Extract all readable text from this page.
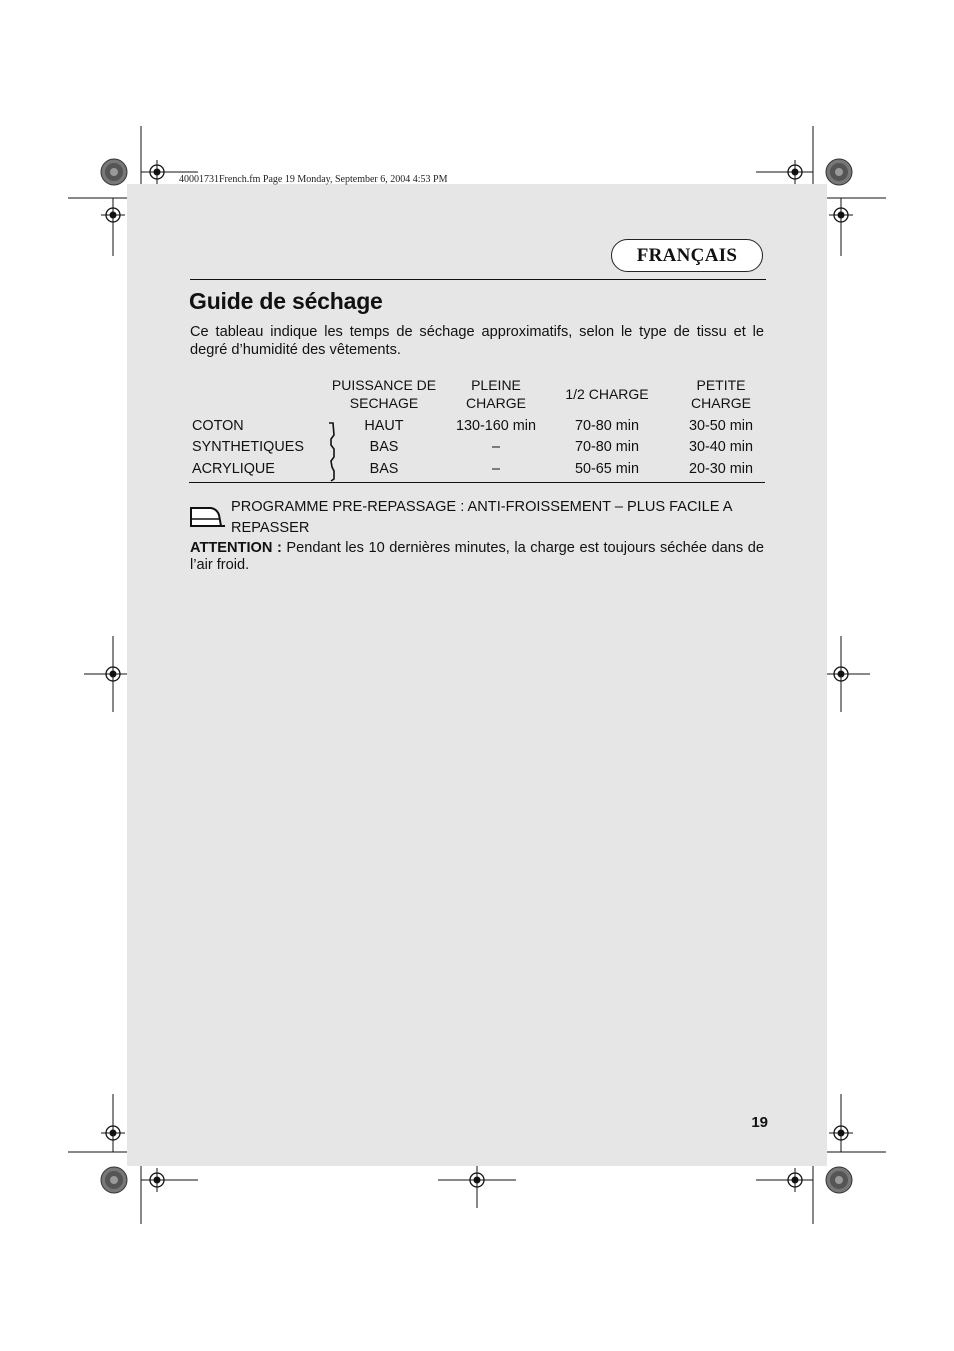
40001731French.fm Page 19 Monday, September 6, 2004 4:53 PM
FRANÇAIS
Guide de séchage

Ce tableau indique les temps de séchage approximatifs, selon le type de tissu et le degré d’humidité des vêtements.

	PUISSANCE DE SECHAGE	PLEINE CHARGE	1/2 CHARGE	PETITE CHARGE
COTON	HAUT	130-160 min	70-80 min	30-50 min
SYNTHETIQUES	BAS	–	70-80 min	30-40 min
ACRYLIQUE	BAS	–	50-65 min	20-30 min

PROGRAMME PRE-REPASSAGE : ANTI-FROISSEMENT – PLUS FACILE A REPASSER

ATTENTION : Pendant les 10 dernières minutes, la charge est toujours séchée dans de l’air froid.

19
